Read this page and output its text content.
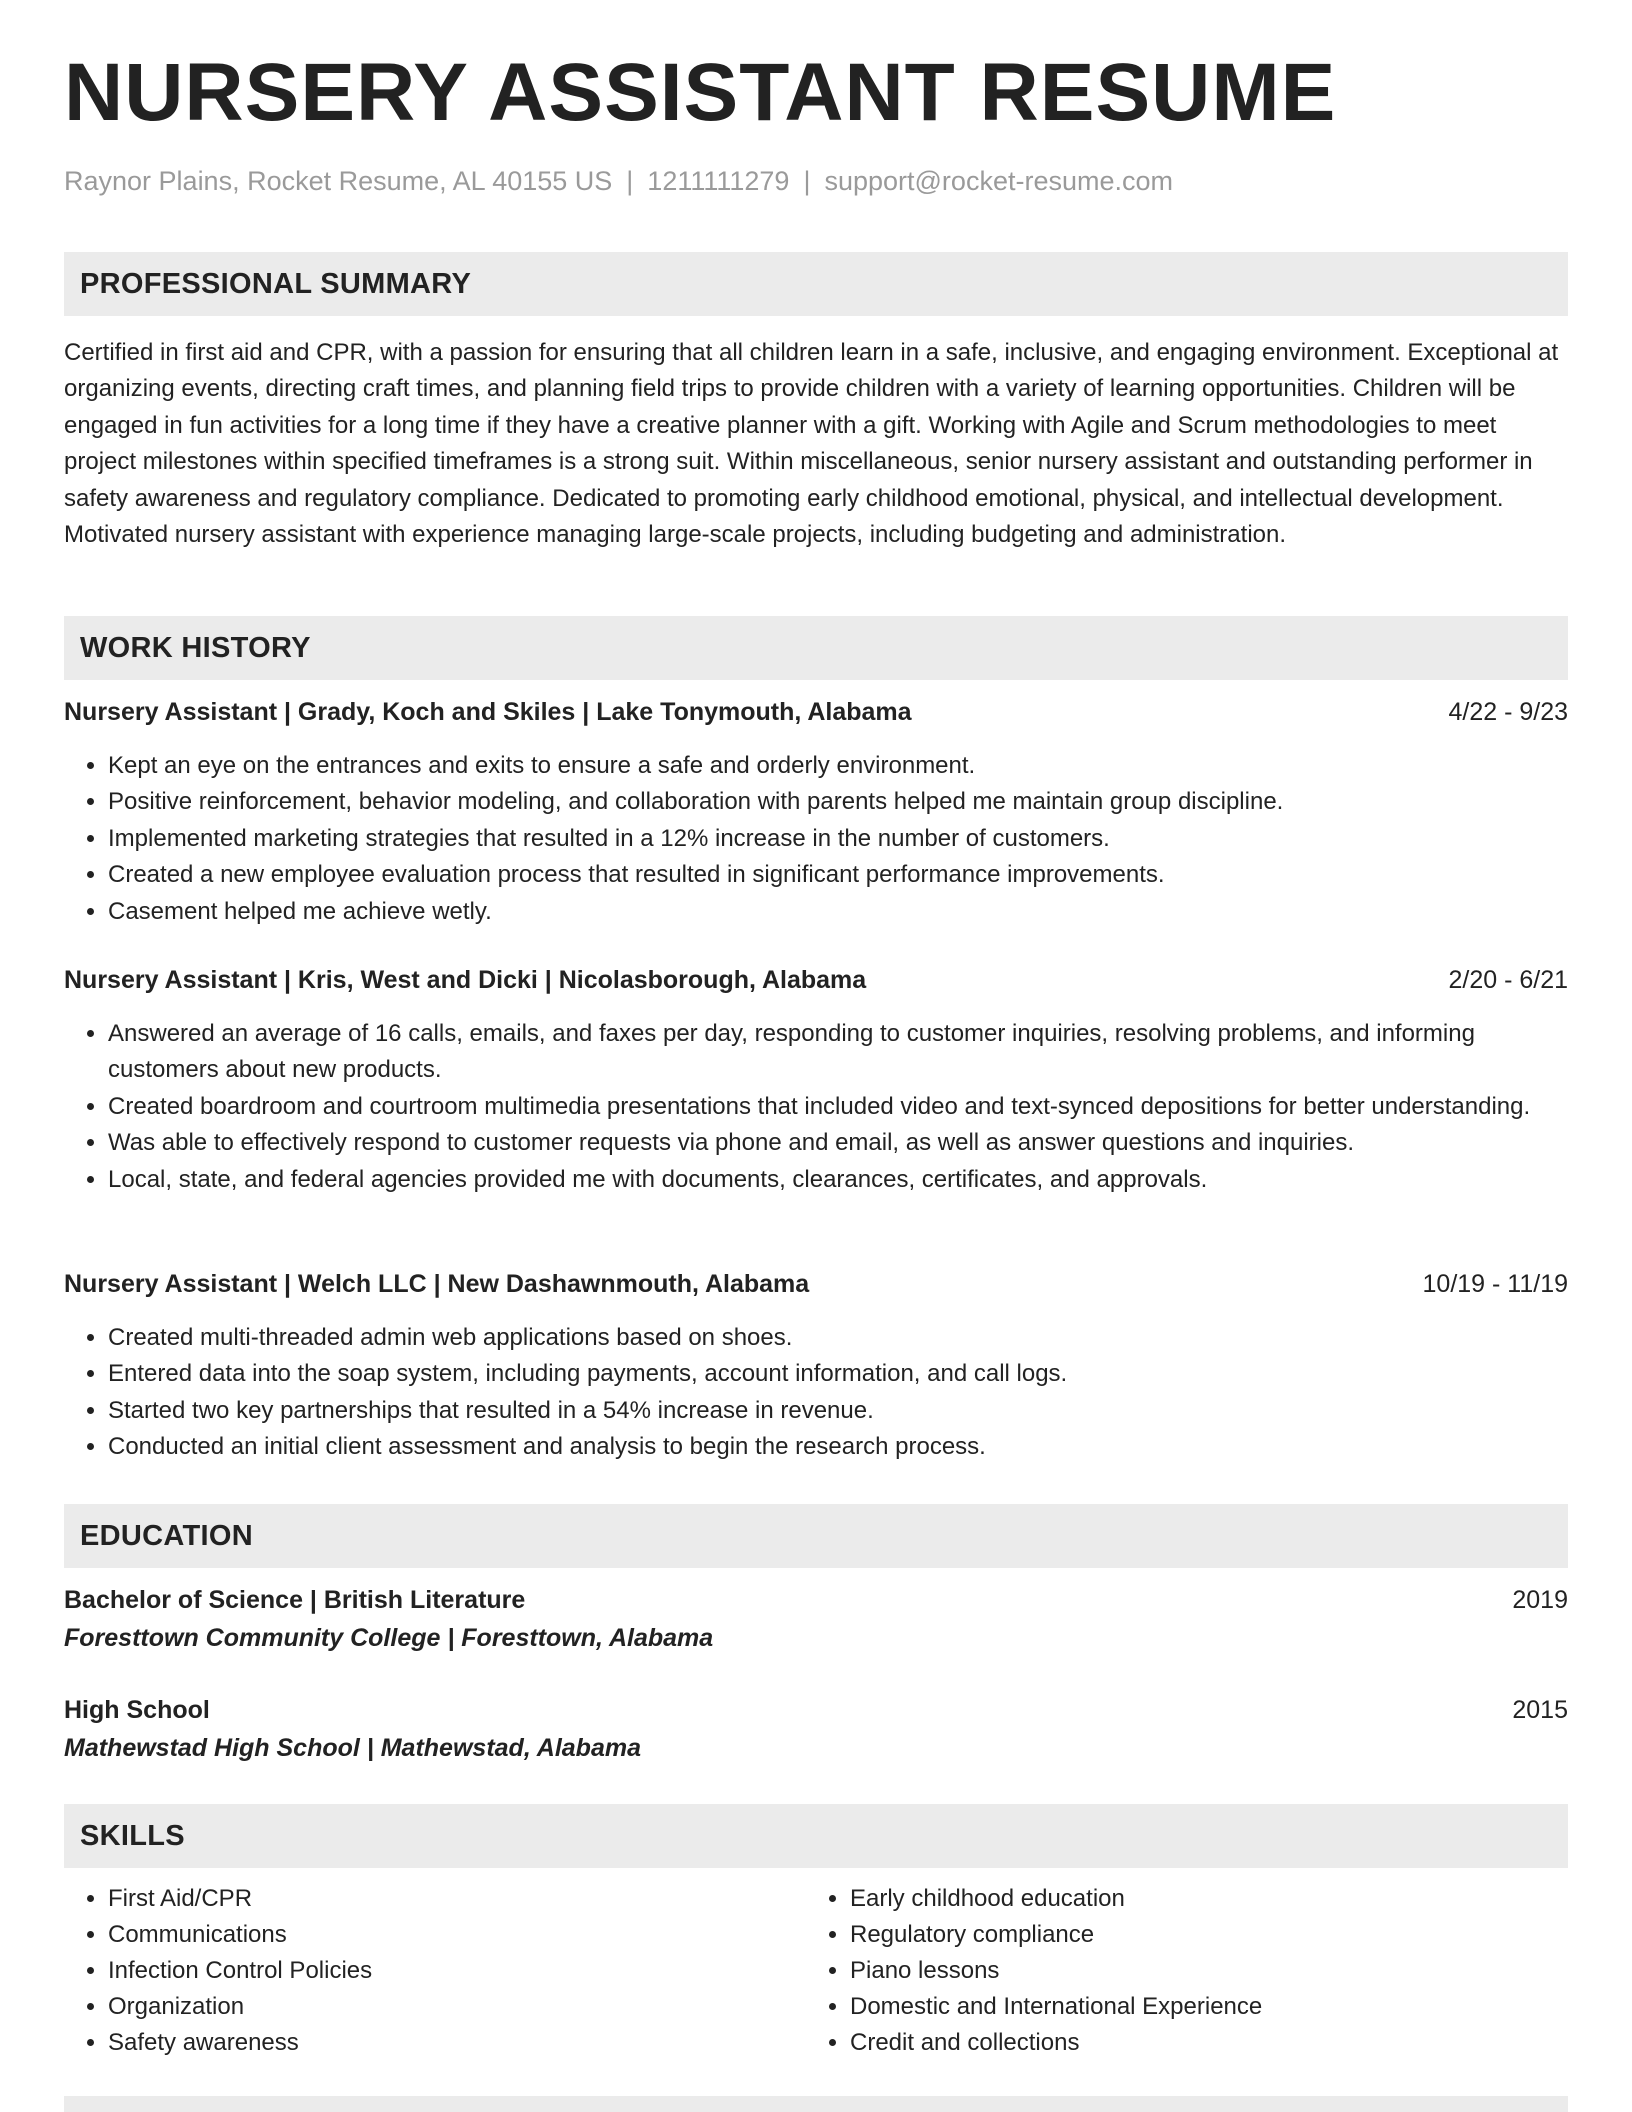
NURSERY ASSISTANT RESUME
Raynor Plains, Rocket Resume, AL 40155 US | 1211111279 | support@rocket-resume.com
PROFESSIONAL SUMMARY

Certified in first aid and CPR, with a passion for ensuring that all children learn in a safe, inclusive, and engaging environment. Exceptional at organizing events, directing craft times, and planning field trips to provide children with a variety of learning opportunities. Children will be engaged in fun activities for a long time if they have a creative planner with a gift. Working with Agile and Scrum methodologies to meet project milestones within specified timeframes is a strong suit. Within miscellaneous, senior nursery assistant and outstanding performer in safety awareness and regulatory compliance. Dedicated to promoting early childhood emotional, physical, and intellectual development. Motivated nursery assistant with experience managing large-scale projects, including budgeting and administration.

WORK HISTORY
Nursery Assistant | Grady, Koch and Skiles | Lake Tonymouth, Alabama	4/22 - 9/23
• Kept an eye on the entrances and exits to ensure a safe and orderly environment.
• Positive reinforcement, behavior modeling, and collaboration with parents helped me maintain group discipline.
• Implemented marketing strategies that resulted in a 12% increase in the number of customers.
• Created a new employee evaluation process that resulted in significant performance improvements.
• Casement helped me achieve wetly.
Nursery Assistant | Kris, West and Dicki | Nicolasborough, Alabama	2/20 - 6/21
• Answered an average of 16 calls, emails, and faxes per day, responding to customer inquiries, resolving problems, and informing customers about new products.
• Created boardroom and courtroom multimedia presentations that included video and text-synced depositions for better understanding.
• Was able to effectively respond to customer requests via phone and email, as well as answer questions and inquiries.
• Local, state, and federal agencies provided me with documents, clearances, certificates, and approvals.
Nursery Assistant | Welch LLC | New Dashawnmouth, Alabama	10/19 - 11/19
• Created multi-threaded admin web applications based on shoes.
• Entered data into the soap system, including payments, account information, and call logs.
• Started two key partnerships that resulted in a 54% increase in revenue.
• Conducted an initial client assessment and analysis to begin the research process.
EDUCATION
Bachelor of Science | British Literature	2019
Foresttown Community College | Foresttown, Alabama
High School	2015
Mathewstad High School | Mathewstad, Alabama
SKILLS
• First Aid/CPR
• Communications
• Infection Control Policies
• Organization
• Safety awareness
• Early childhood education
• Regulatory compliance
• Piano lessons
• Domestic and International Experience
• Credit and collections
